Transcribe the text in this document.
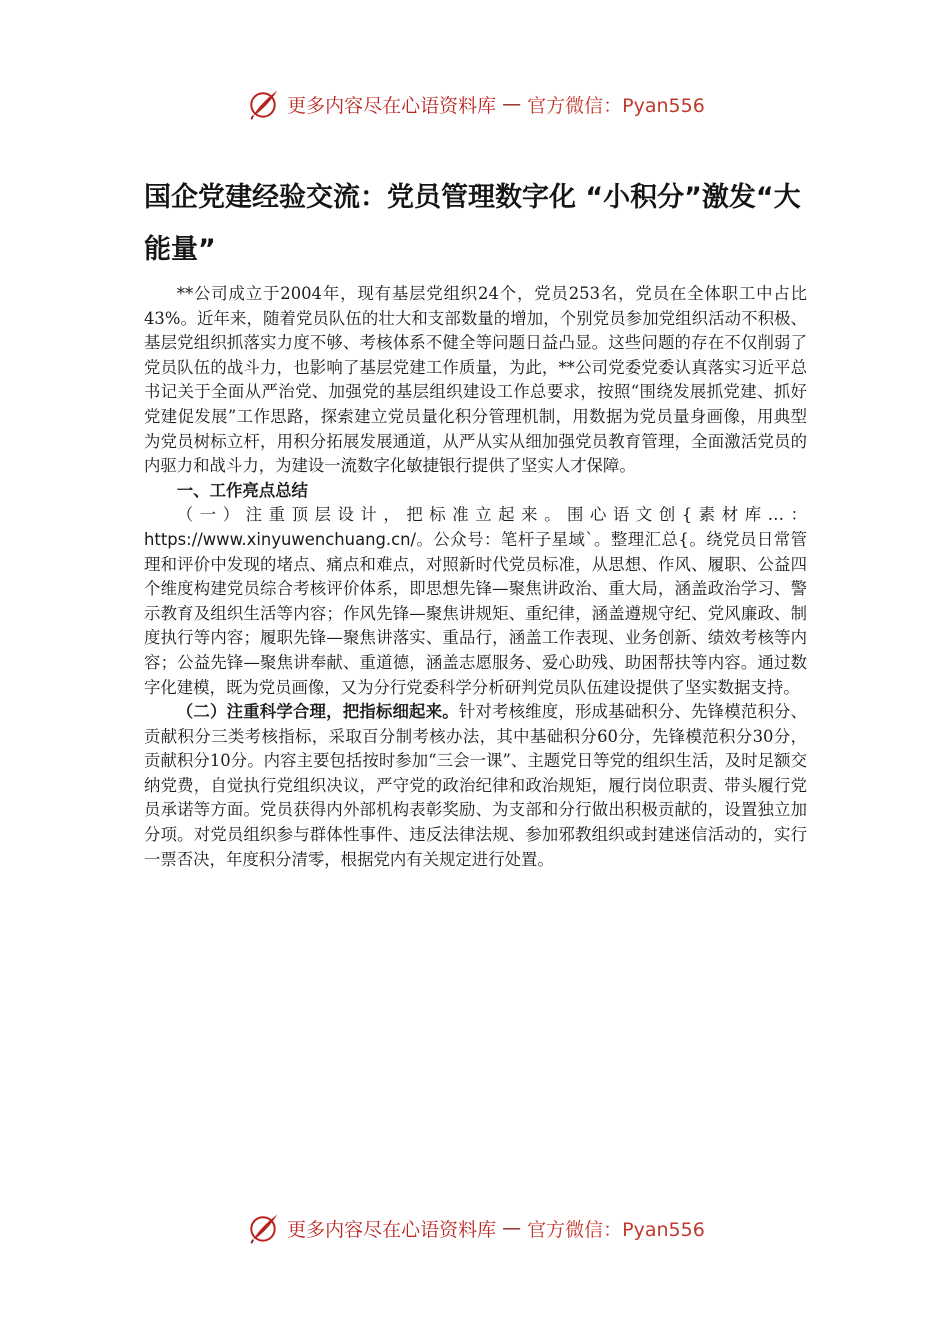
更多内容尽在心语资料库 — 官方微信：Pyan556
国企党建经验交流：党员管理数字化 “小积分”激发“大能量”

**公司成立于2004年，现有基层党组织24个，党员253名，党员在全体职工中占比43%。近年来，随着党员队伍的壮大和支部数量的增加，个别党员参加党组织活动不积极、基层党组织抓落实力度不够、考核体系不健全等问题日益凸显。这些问题的存在不仅削弱了党员队伍的战斗力，也影响了基层党建工作质量，为此，**公司党委党委认真落实习近平总书记关于全面从严治党、加强党的基层组织建设工作总要求，按照“围绕发展抓党建、抓好党建促发展”工作思路，探索建立党员量化积分管理机制，用数据为党员量身画像，用典型为党员树标立杆，用积分拓展发展通道，从严从实从细加强党员教育管理，全面激活党员的内驱力和战斗力，为建设一流数字化敏捷银行提供了坚实人才保障。

一、工作亮点总结

（一）注重顶层设计，把标准立起来。围心语文创{素材库…：https://www.xinyuwenchuang.cn/。公众号：笔杆子星域`。整理汇总{。绕党员日常管理和评价中发现的堵点、痛点和难点，对照新时代党员标准，从思想、作风、履职、公益四个维度构建党员综合考核评价体系，即思想先锋—聚焦讲政治、重大局，涵盖政治学习、警示教育及组织生活等内容；作风先锋—聚焦讲规矩、重纪律，涵盖遵规守纪、党风廉政、制度执行等内容；履职先锋—聚焦讲落实、重品行，涵盖工作表现、业务创新、绩效考核等内容；公益先锋—聚焦讲奉献、重道德，涵盖志愿服务、爱心助残、助困帮扶等内容。通过数字化建模，既为党员画像，又为分行党委科学分析研判党员队伍建设提供了坚实数据支持。

（二）注重科学合理，把指标细起来。针对考核维度，形成基础积分、先锋模范积分、贡献积分三类考核指标，采取百分制考核办法，其中基础积分60分，先锋模范积分30分，贡献积分10分。内容主要包括按时参加“三会一课”、主题党日等党的组织生活，及时足额交纳党费，自觉执行党组织决议，严守党的政治纪律和政治规矩，履行岗位职责、带头履行党员承诺等方面。党员获得内外部机构表彰奖励、为支部和分行做出积极贡献的，设置独立加分项。对党员组织参与群体性事件、违反法律法规、参加邪教组织或封建迷信活动的，实行一票否决，年度积分清零，根据党内有关规定进行处置。

更多内容尽在心语资料库 — 官方微信：Pyan556
